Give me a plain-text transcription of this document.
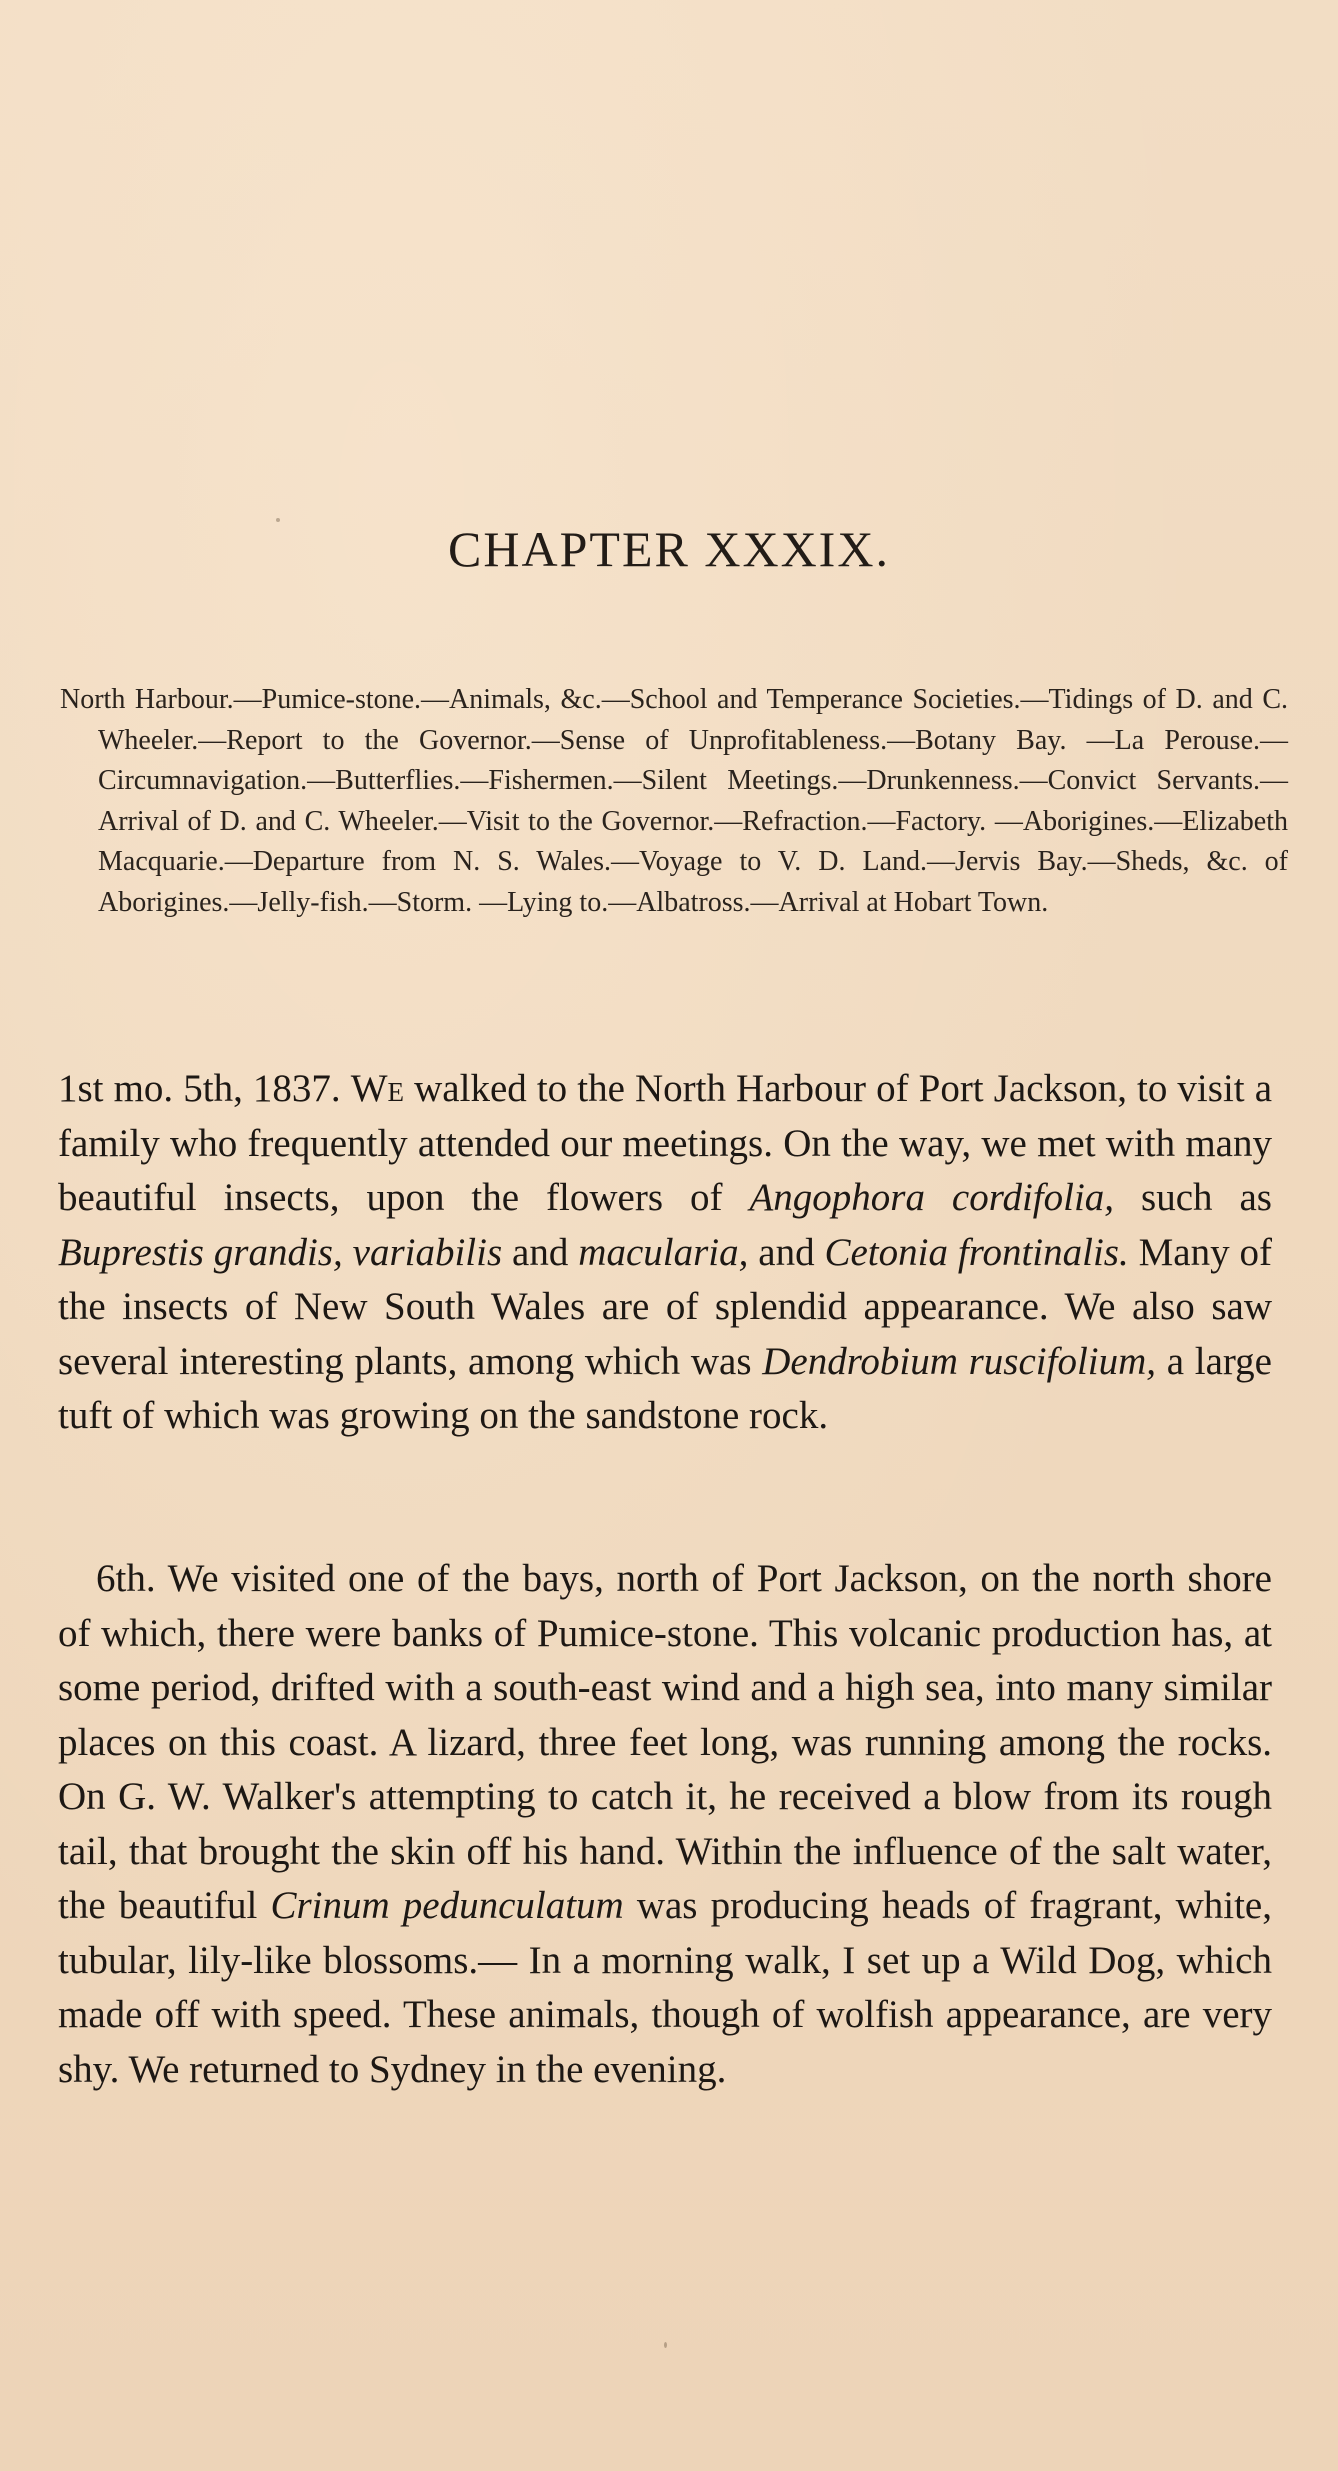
CHAPTER XXXIX.

North Harbour.—Pumice-stone.—Animals, &c.—School and Temperance Societies.—Tidings of D. and C. Wheeler.—Report to the Governor.—Sense of Unprofitableness.—Botany Bay. —La Perouse.—Circumnavigation.—Butterflies.—Fishermen.—Silent Meetings.—Drunkenness.—Convict Servants.—Arrival of D. and C. Wheeler.—Visit to the Governor.—Refraction.—Factory. —Aborigines.—Elizabeth Macquarie.—Departure from N. S. Wales.—Voyage to V. D. Land.—Jervis Bay.—Sheds, &c. of Aborigines.—Jelly-fish.—Storm. —Lying to.—Albatross.—Arrival at Hobart Town.

1st mo. 5th, 1837. We walked to the North Harbour of Port Jackson, to visit a family who frequently attended our meetings. On the way, we met with many beautiful insects, upon the flowers of Angophora cordifolia, such as Buprestis grandis, variabilis and macularia, and Cetonia frontinalis. Many of the insects of New South Wales are of splendid appearance. We also saw several interesting plants, among which was Dendrobium ruscifolium, a large tuft of which was growing on the sandstone rock.

6th. We visited one of the bays, north of Port Jackson, on the north shore of which, there were banks of Pumice-stone. This volcanic production has, at some period, drifted with a south-east wind and a high sea, into many similar places on this coast. A lizard, three feet long, was running among the rocks. On G. W. Walker's attempting to catch it, he received a blow from its rough tail, that brought the skin off his hand. Within the influence of the salt water, the beautiful Crinum pedunculatum was producing heads of fragrant, white, tubular, lily-like blossoms.— In a morning walk, I set up a Wild Dog, which made off with speed. These animals, though of wolfish appearance, are very shy. We returned to Sydney in the evening.
